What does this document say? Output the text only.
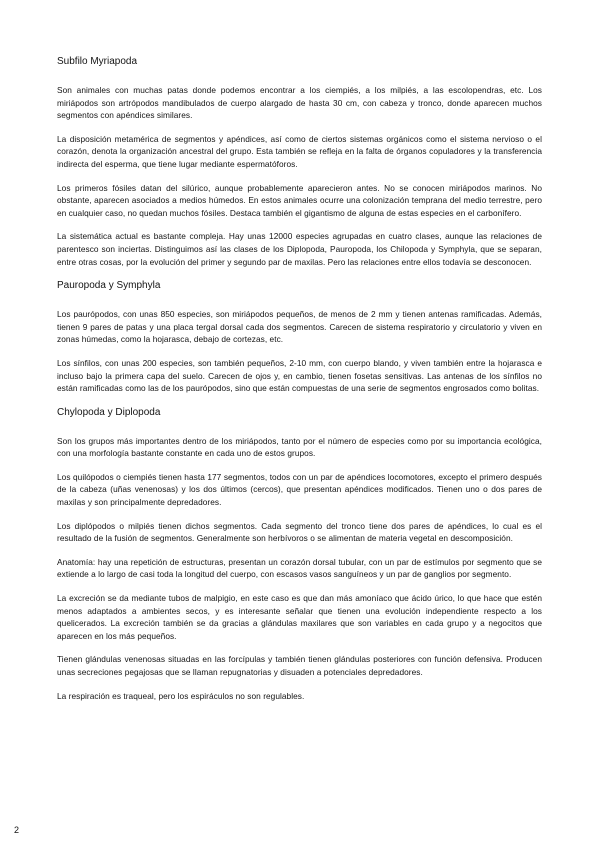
Subfilo Myriapoda

Son animales con muchas patas donde podemos encontrar a los ciempiés, a los milpiés, a las escolopendras, etc. Los miriápodos son artrópodos mandibulados de cuerpo alargado de hasta 30 cm, con cabeza y tronco, donde aparecen muchos segmentos con apéndices similares.

La disposición metamérica de segmentos y apéndices, así como de ciertos sistemas orgánicos como el sistema nervioso o el corazón, denota la organización ancestral del grupo. Esta también se refleja en la falta de órganos copuladores y la transferencia indirecta del esperma, que tiene lugar mediante espermatóforos.

Los primeros fósiles datan del silúrico, aunque probablemente aparecieron antes. No se conocen miriápodos marinos. No obstante, aparecen asociados a medios húmedos. En estos animales ocurre una colonización temprana del medio terrestre, pero en cualquier caso, no quedan muchos fósiles. Destaca también el gigantismo de alguna de estas especies en el carbonífero.

La sistemática actual es bastante compleja. Hay unas 12000 especies agrupadas en cuatro clases, aunque las relaciones de parentesco son inciertas. Distinguimos así las clases de los Diplopoda, Pauropoda, los Chilopoda y Symphyla, que se separan, entre otras cosas, por la evolución del primer y segundo par de maxilas. Pero las relaciones entre ellos todavía se desconocen.

Pauropoda y Symphyla

Los paurópodos, con unas 850 especies, son miriápodos pequeños, de menos de 2 mm y tienen antenas ramificadas. Además, tienen 9 pares de patas y una placa tergal dorsal cada dos segmentos. Carecen de sistema respiratorio y circulatorio y viven en zonas húmedas, como la hojarasca, debajo de cortezas, etc.

Los sínfilos, con unas 200 especies, son también pequeños, 2-10 mm, con cuerpo blando, y viven también entre la hojarasca e incluso bajo la primera capa del suelo. Carecen de ojos y, en cambio, tienen fosetas sensitivas. Las antenas de los sínfilos no están ramificadas como las de los paurópodos, sino que están compuestas de una serie de segmentos engrosados como bolitas.

Chylopoda y Diplopoda

Son los grupos más importantes dentro de los miriápodos, tanto por el número de especies como por su importancia ecológica, con una morfología bastante constante en cada uno de estos grupos.

Los quilópodos o ciempiés tienen hasta 177 segmentos, todos con un par de apéndices locomotores, excepto el primero después de la cabeza (uñas venenosas) y los dos últimos (cercos), que presentan apéndices modificados. Tienen uno o dos pares de maxilas y son principalmente depredadores.

Los diplópodos o milpiés tienen dichos segmentos. Cada segmento del tronco tiene dos pares de apéndices, lo cual es el resultado de la fusión de segmentos. Generalmente son herbívoros o se alimentan de materia vegetal en descomposición.

Anatomía: hay una repetición de estructuras, presentan un corazón dorsal tubular, con un par de estímulos por segmento que se extiende a lo largo de casi toda la longitud del cuerpo, con escasos vasos sanguíneos y un par de ganglios por segmento.

La excreción se da mediante tubos de malpigio, en este caso es que dan más amoníaco que ácido úrico, lo que hace que estén menos adaptados a ambientes secos, y es interesante señalar que tienen una evolución independiente respecto a los quelicerados. La excreción también se da gracias a glándulas maxilares que son variables en cada grupo y a negocitos que aparecen en los más pequeños.

Tienen glándulas venenosas situadas en las forcípulas y también tienen glándulas posteriores con función defensiva. Producen unas secreciones pegajosas que se llaman repugnatorias y disuaden a potenciales depredadores.

La respiración es traqueal, pero los espiráculos no son regulables.

2
